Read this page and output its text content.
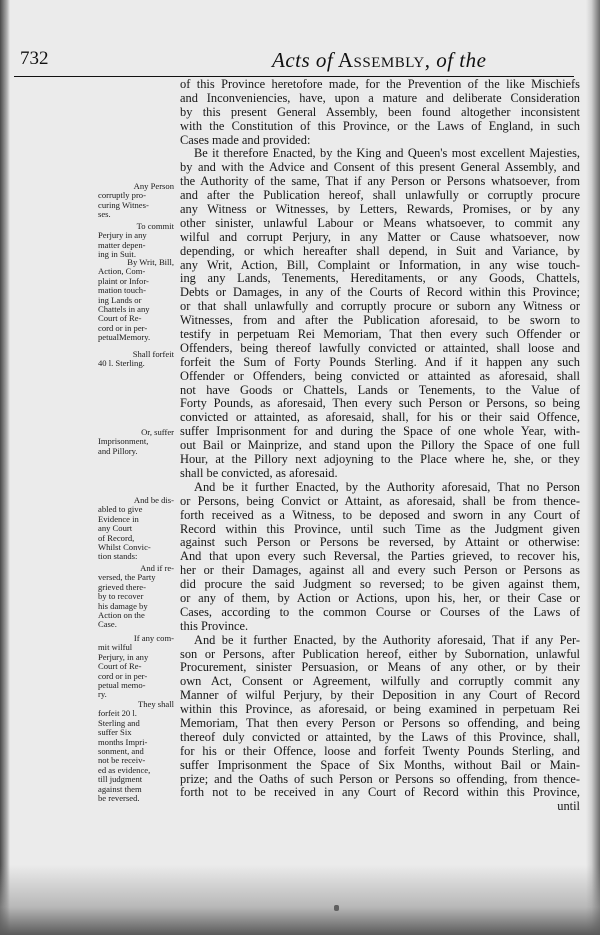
732	Acts of Assembly, of the
Any Person
corruptly pro-
curing Witnes-
ses.
To commit
Perjury in any
matter depen-
ing in Suit.
By Writ, Bill,
Action, Com-
plaint or Infor-
mation touch-
ing Lands or
Chattels in any
Court of Re-
cord or in per-
petualMemory.
Shall forfeit
40 l. Sterling.
Or, suffer
Imprisonment,
and Pillory.
And be dis-
abled to give
Evidence in
any Court
of Record,
Whilst Convic-
tion stands:
And if re-
versed, the Party
grieved there-
by to recover
his damage by
Action on the
Case.
If any com-
mit wilful
Perjury, in any
Court of Re-
cord or in per-
petual memo-
ry.
They shall
forfeit 20 l.
Sterling and
suffer Six
months Impri-
sonment, and
not be receiv-
ed as evidence,
till judgment
against them
be reversed.
of this Province heretofore made, for the Prevention of the like Mischiefs
and Inconveniencies, have, upon a mature and deliberate Consideration
by this present General Assembly, been found altogether inconsistent
with the Constitution of this Province, or the Laws of England, in such
Cases made and provided:
Be it therefore Enacted, by the King and Queen's most excellent Majesties,
by and with the Advice and Consent of this present General Assembly, and
the Authority of the same, That if any Person or Persons whatsoever, from
and after the Publication hereof, shall unlawfully or corruptly procure
any Witness or Witnesses, by Letters, Rewards, Promises, or by any
other sinister, unlawful Labour or Means whatsoever, to commit any
wilful and corrupt Perjury, in any Matter or Cause whatsoever, now
depending, or which hereafter shall depend, in Suit and Variance, by
any Writ, Action, Bill, Complaint or Information, in any wise touch-
ing any Lands, Tenements, Hereditaments, or any Goods, Chattels,
Debts or Damages, in any of the Courts of Record within this Province;
or that shall unlawfully and corruptly procure or suborn any Witness or
Witnesses, from and after the Publication aforesaid, to be sworn to
testify in perpetuam Rei Memoriam, That then every such Offender or
Offenders, being thereof lawfully convicted or attainted, shall loose and
forfeit the Sum of Forty Pounds Sterling. And if it happen any such
Offender or Offenders, being convicted or attainted as aforesaid, shall
not have Goods or Chattels, Lands or Tenements, to the Value of
Forty Pounds, as aforesaid, Then every such Person or Persons, so being
convicted or attainted, as aforesaid, shall, for his or their said Offence,
suffer Imprisonment for and during the Space of one whole Year, with-
out Bail or Mainprize, and stand upon the Pillory the Space of one full
Hour, at the Pillory next adjoyning to the Place where he, she, or they
shall be convicted, as aforesaid.
And be it further Enacted, by the Authority aforesaid, That no Person
or Persons, being Convict or Attaint, as aforesaid, shall be from thence-
forth received as a Witness, to be deposed and sworn in any Court of
Record within this Province, until such Time as the Judgment given
against such Person or Persons be reversed, by Attaint or otherwise:
And that upon every such Reversal, the Parties grieved, to recover his,
her or their Damages, against all and every such Person or Persons as
did procure the said Judgment so reversed; to be given against them,
or any of them, by Action or Actions, upon his, her, or their Case or
Cases, according to the common Course or Courses of the Laws of
this Province.
And be it further Enacted, by the Authority aforesaid, That if any Per-
son or Persons, after Publication hereof, either by Subornation, unlawful
Procurement, sinister Persuasion, or Means of any other, or by their
own Act, Consent or Agreement, wilfully and corruptly commit any
Manner of wilful Perjury, by their Deposition in any Court of Record
within this Province, as aforesaid, or being examined in perpetuam Rei
Memoriam, That then every Person or Persons so offending, and being
thereof duly convicted or attainted, by the Laws of this Province, shall,
for his or their Offence, loose and forfeit Twenty Pounds Sterling, and
suffer Imprisonment the Space of Six Months, without Bail or Main-
prize; and the Oaths of such Person or Persons so offending, from thence-
forth not to be received in any Court of Record within this Province,
until
